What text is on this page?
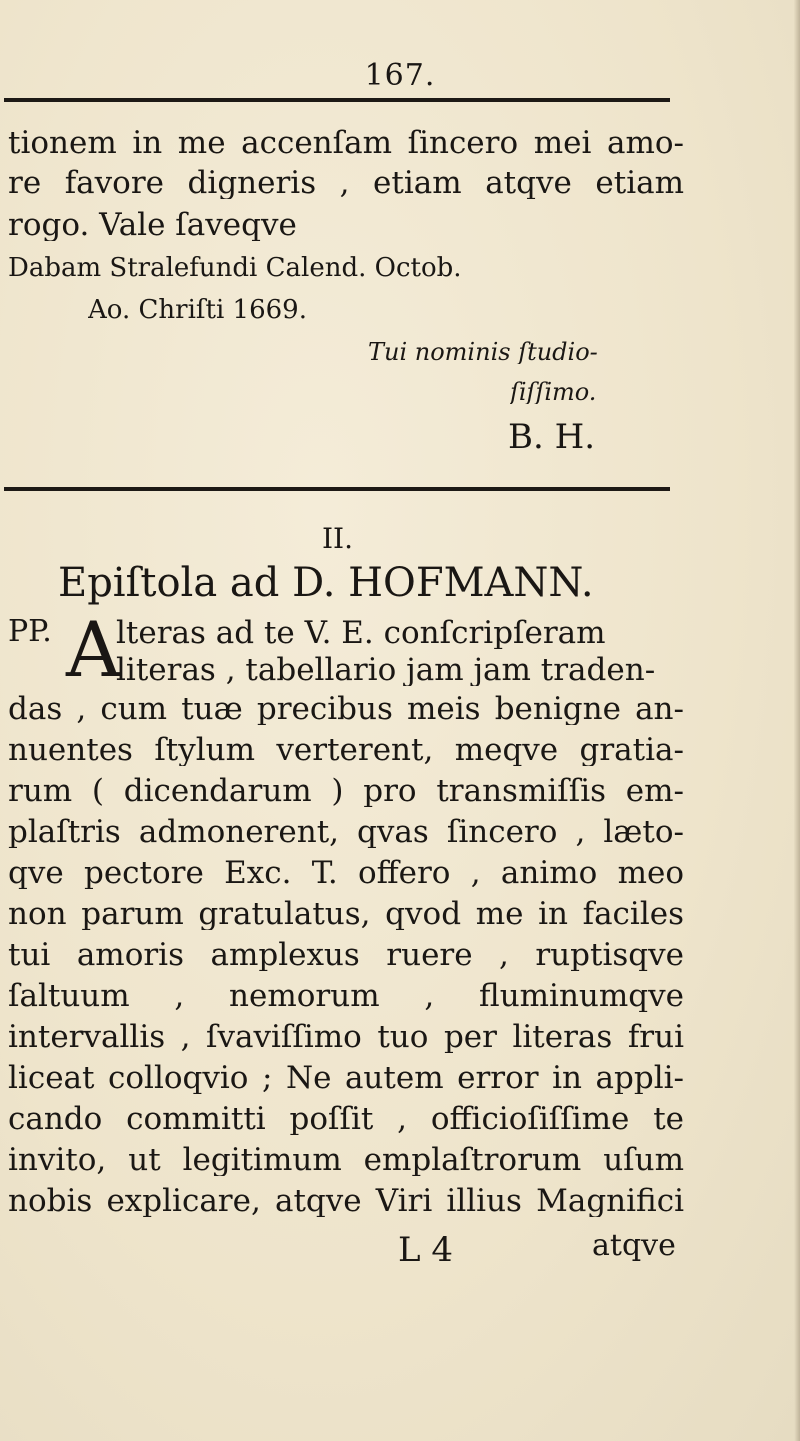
167.
tionem in me accenſam ſincero mei amo-
re favore digneris , etiam atqve etiam
rogo. Vale ſaveqve
Dabam Stralefundi Calend. Octob.
Ao. Chriſti 1669.
Tui nominis ſtudio-
ſiſſimo.
B. H.
II.
Epiſtola ad D. HOFMANN.
PP. A
lteras ad te V. E. conſcripſeram
literas , tabellario jam jam traden-
das , cum tuæ precibus meis benigne an-
nuentes ſtylum verterent, meqve gratia-
rum ( dicendarum ) pro transmiſſis em-
plaſtris admonerent, qvas ſincero , læto-
qve pectore Exc. T. offero , animo meo
non parum gratulatus, qvod me in faciles
tui amoris amplexus ruere , ruptisqve
ſaltuum , nemorum , fluminumqve
intervallis , ſvaviſſimo tuo per literas frui
liceat colloqvio ; Ne autem error in appli-
cando committi poſſit , officioſiſſime te
invito, ut legitimum emplaſtrorum uſum
nobis explicare, atqve Viri illius Magnifici
L 4	atqve
